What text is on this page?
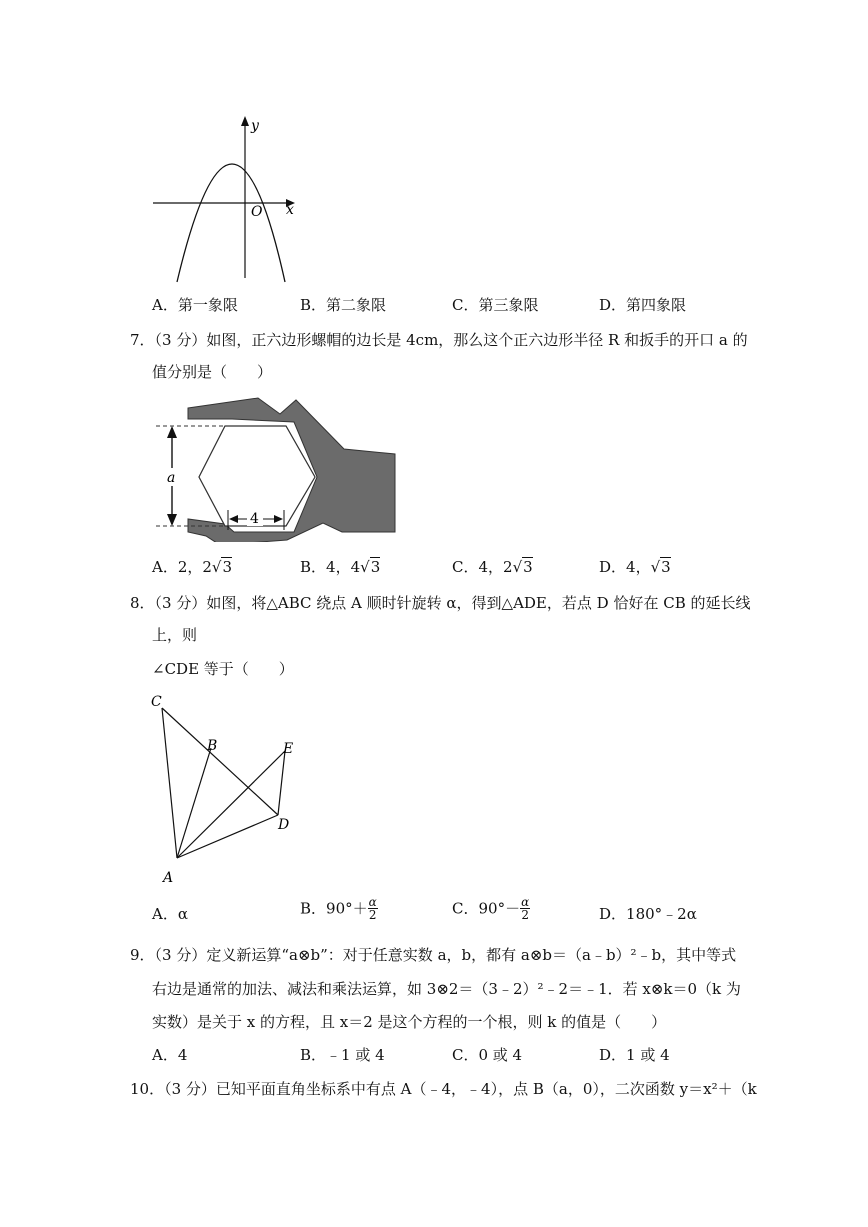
y
x
O
A．第一象限	B．第二象限	C．第三象限	D．第四象限
7．（3 分）如图，正六边形螺帽的边长是 4cm，那么这个正六边形半径 R 和扳手的开口 a 的
值分别是（　　）
a
4
A．2，2√3	B．4，4√3	C．4，2√3	D．4，√3
8．（3 分）如图，将△ABC 绕点 A 顺时针旋转 α，得到△ADE，若点 D 恰好在 CB 的延长线
上，则
∠CDE 等于（　　）
C
B	E
D
A
A．α	B．$90^\circ+ \frac{\alpha}{2}$	C．$90^\circ- \frac{\alpha}{2}$	D．180°﹣2α
9．（3 分）定义新运算“a⊗b”：对于任意实数 a，b，都有 a⊗b＝（a﹣b）²﹣b，其中等式
右边是通常的加法、减法和乘法运算，如 3⊗2＝（3﹣2）²﹣2＝﹣1．若 x⊗k＝0（k 为
实数）是关于 x 的方程，且 x＝2 是这个方程的一个根，则 k 的值是（　　）
A．4	B．﹣1 或 4	C．0 或 4	D．1 或 4
10．（3 分）已知平面直角坐标系中有点 A（﹣4，﹣4），点 B（a，0），二次函数 y＝x²＋（k
